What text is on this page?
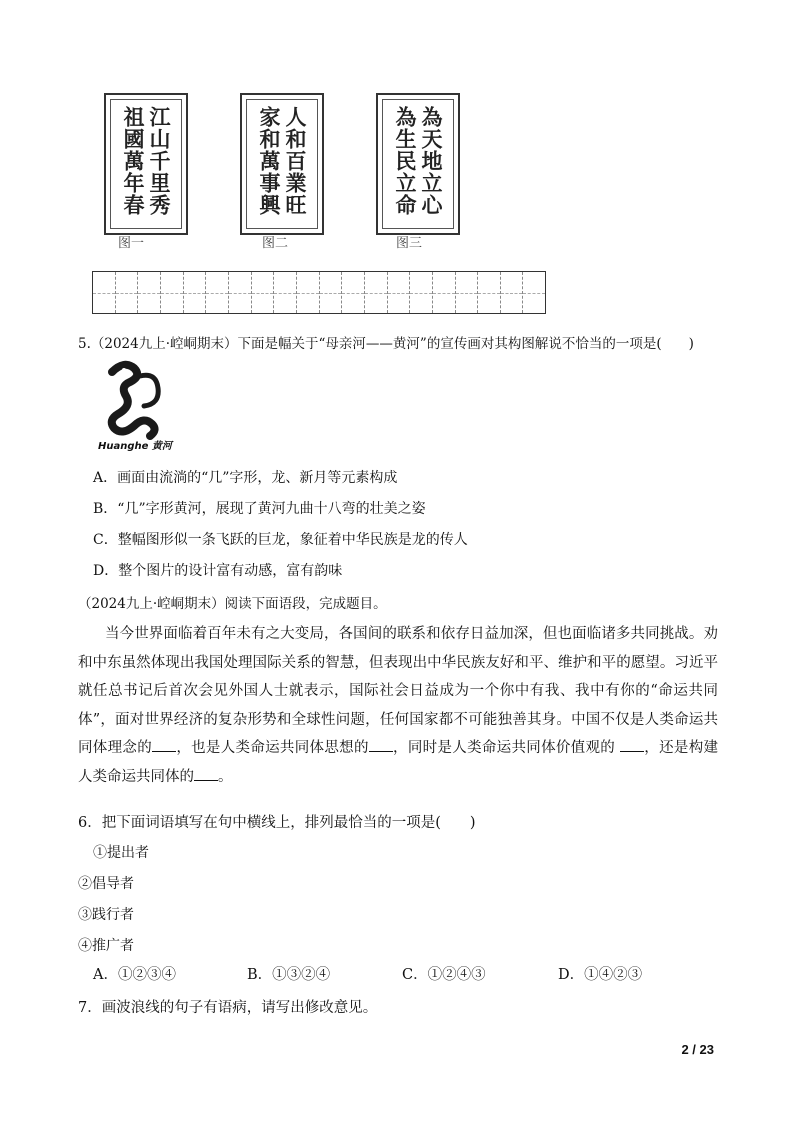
江山千里秀
祖國萬年春
图一
人和百業旺
家和萬事興
图二
為天地立心
為生民立命
图三
5.（2024九上·崆峒期末）下面是幅关于“母亲河——黄河”的宣传画对其构图解说不恰当的一项是(　　)
Huanghe 黄河
A．画面由流淌的“几”字形，龙、新月等元素构成
B．“几”字形黄河，展现了黄河九曲十八弯的壮美之姿
C．整幅图形似一条飞跃的巨龙，象征着中华民族是龙的传人
D．整个图片的设计富有动感，富有韵味
（2024九上·崆峒期末）阅读下面语段，完成题目。
当今世界面临着百年未有之大变局，各国间的联系和依存日益加深，但也面临诸多共同挑战。劝和中东虽然体现出我国处理国际关系的智慧，但表现出中华民族友好和平、维护和平的愿望。习近平就任总书记后首次会见外国人士就表示，国际社会日益成为一个你中有我、我中有你的“命运共同体”，面对世界经济的复杂形势和全球性问题，任何国家都不可能独善其身。中国不仅是人类命运共同体理念的 ，也是人类命运共同体思想的 ，同时是人类命运共同体价值观的 ，还是构建人类命运共同体的 。
6．把下面词语填写在句中横线上，排列最恰当的一项是(　　)
①提出者
②倡导者
③践行者
④推广者
A．①②③④	B．①③②④	C．①②④③	D．①④②③
7．画波浪线的句子有语病，请写出修改意见。
2 / 23
